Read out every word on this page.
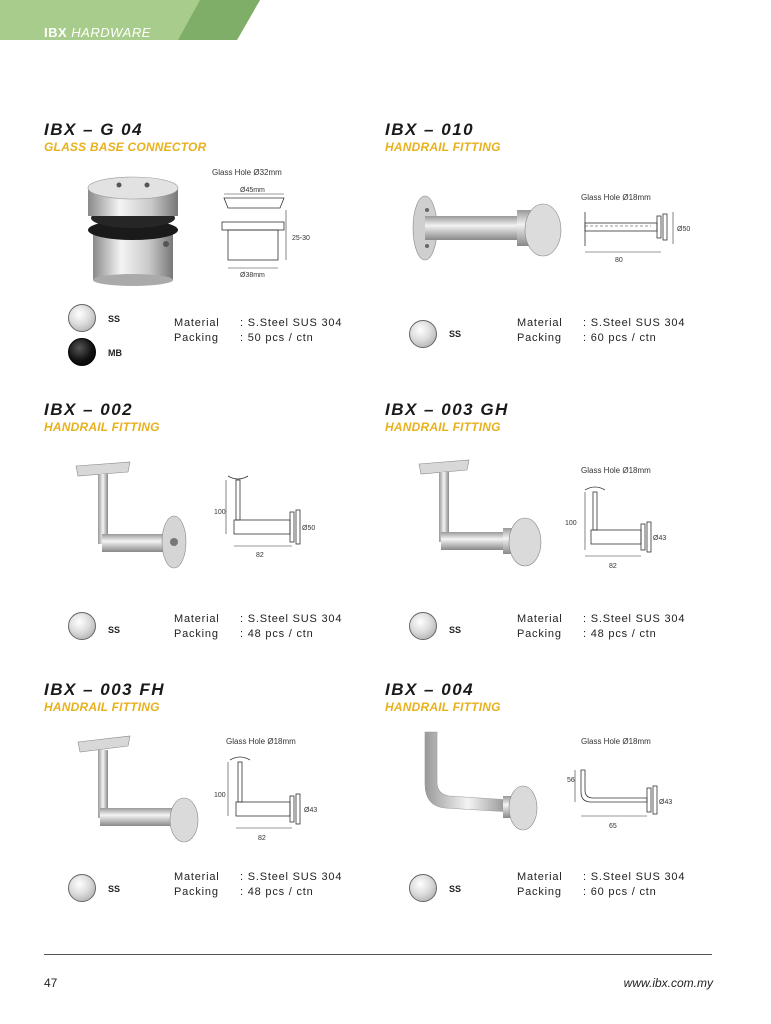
IBX HARDWARE
IBX – G 04
GLASS BASE CONNECTOR
Glass Hole Ø32mm
Ø45mm
25-30
Ø38mm
SS
MB
Material : S.Steel SUS 304
Packing : 50 pcs / ctn
IBX – 010
HANDRAIL FITTING
Glass Hole Ø18mm
Ø50
80
SS
Material : S.Steel SUS 304
Packing : 60 pcs / ctn
IBX – 002
HANDRAIL FITTING
100
Ø50
82
SS
Material : S.Steel SUS 304
Packing : 48 pcs / ctn
IBX – 003 GH
HANDRAIL FITTING
Glass Hole Ø18mm
100
Ø43
82
SS
Material : S.Steel SUS 304
Packing : 48 pcs / ctn
IBX – 003 FH
HANDRAIL FITTING
Glass Hole Ø18mm
100
Ø43
82
SS
Material : S.Steel SUS 304
Packing : 48 pcs / ctn
IBX – 004
HANDRAIL FITTING
Glass Hole Ø18mm
56
Ø43
65
SS
Material : S.Steel SUS 304
Packing : 60 pcs / ctn
47	www.ibx.com.my
